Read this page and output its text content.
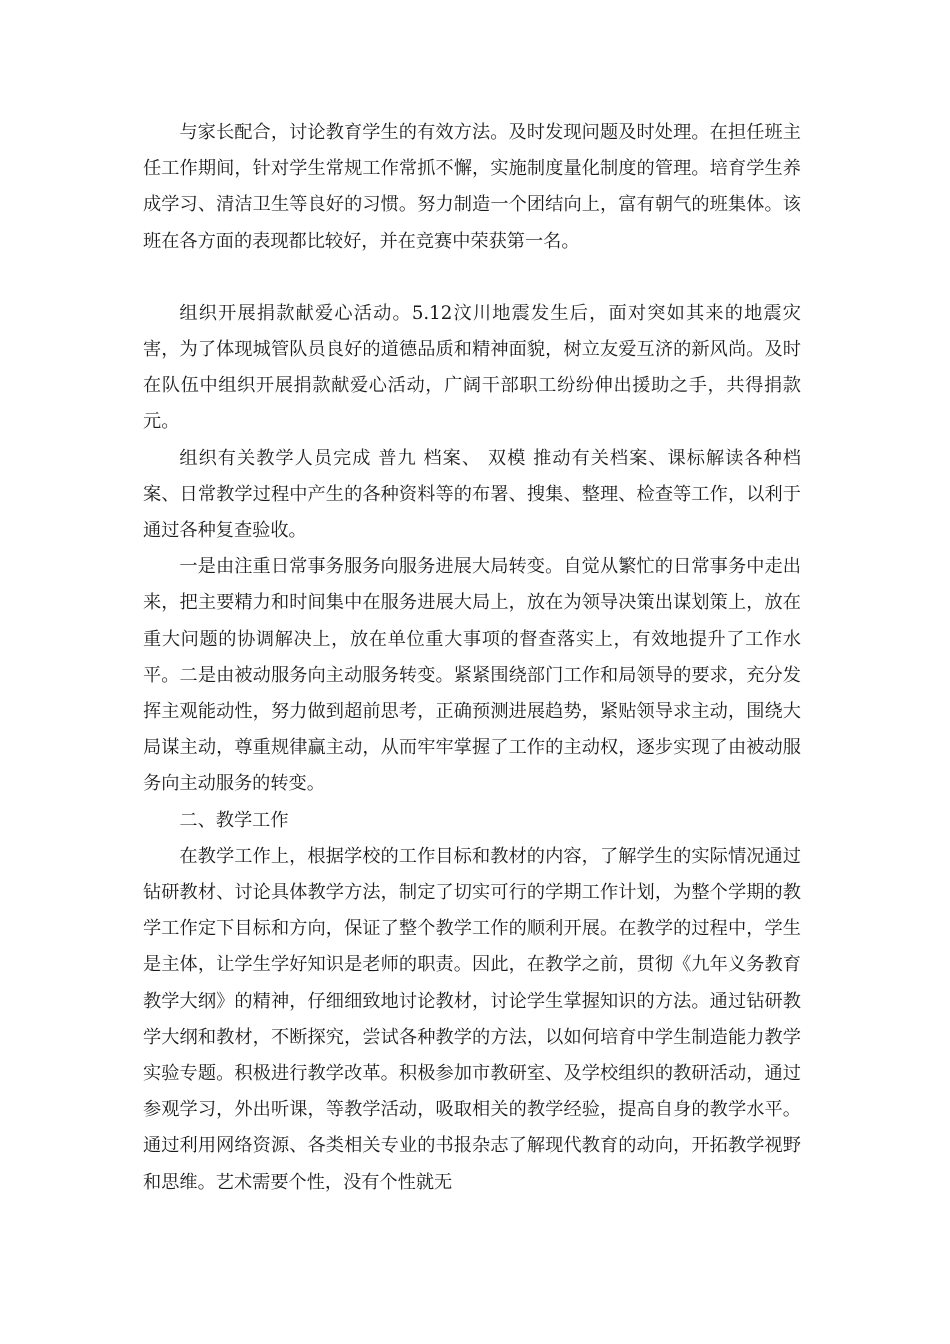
与家长配合，讨论教育学生的有效方法。及时发现问题及时处理。在担任班主任工作期间，针对学生常规工作常抓不懈，实施制度量化制度的管理。培育学生养成学习、清洁卫生等良好的习惯。努力制造一个团结向上，富有朝气的班集体。该班在各方面的表现都比较好，并在竞赛中荣获第一名。

组织开展捐款献爱心活动。5.12汶川地震发生后，面对突如其来的地震灾害，为了体现城管队员良好的道德品质和精神面貌，树立友爱互济的新风尚。及时在队伍中组织开展捐款献爱心活动，广阔干部职工纷纷伸出援助之手，共得捐款 元。

组织有关教学人员完成 普九 档案、 双模 推动有关档案、课标解读各种档案、日常教学过程中产生的各种资料等的布署、搜集、整理、检查等工作，以利于通过各种复查验收。

一是由注重日常事务服务向服务进展大局转变。自觉从繁忙的日常事务中走出来，把主要精力和时间集中在服务进展大局上，放在为领导决策出谋划策上，放在重大问题的协调解决上，放在单位重大事项的督查落实上，有效地提升了工作水平。二是由被动服务向主动服务转变。紧紧围绕部门工作和局领导的要求，充分发挥主观能动性，努力做到超前思考，正确预测进展趋势，紧贴领导求主动，围绕大局谋主动，尊重规律赢主动，从而牢牢掌握了工作的主动权，逐步实现了由被动服务向主动服务的转变。

二、教学工作

在教学工作上，根据学校的工作目标和教材的内容，了解学生的实际情况通过钻研教材、讨论具体教学方法，制定了切实可行的学期工作计划，为整个学期的教学工作定下目标和方向，保证了整个教学工作的顺利开展。在教学的过程中，学生是主体，让学生学好知识是老师的职责。因此，在教学之前，贯彻《九年义务教育教学大纲》的精神，仔细细致地讨论教材，讨论学生掌握知识的方法。通过钻研教学大纲和教材，不断探究，尝试各种教学的方法，以如何培育中学生制造能力教学实验专题。积极进行教学改革。积极参加市教研室、及学校组织的教研活动，通过参观学习，外出听课，等教学活动，吸取相关的教学经验，提高自身的教学水平。通过利用网络资源、各类相关专业的书报杂志了解现代教育的动向，开拓教学视野和思维。艺术需要个性，没有个性就无
